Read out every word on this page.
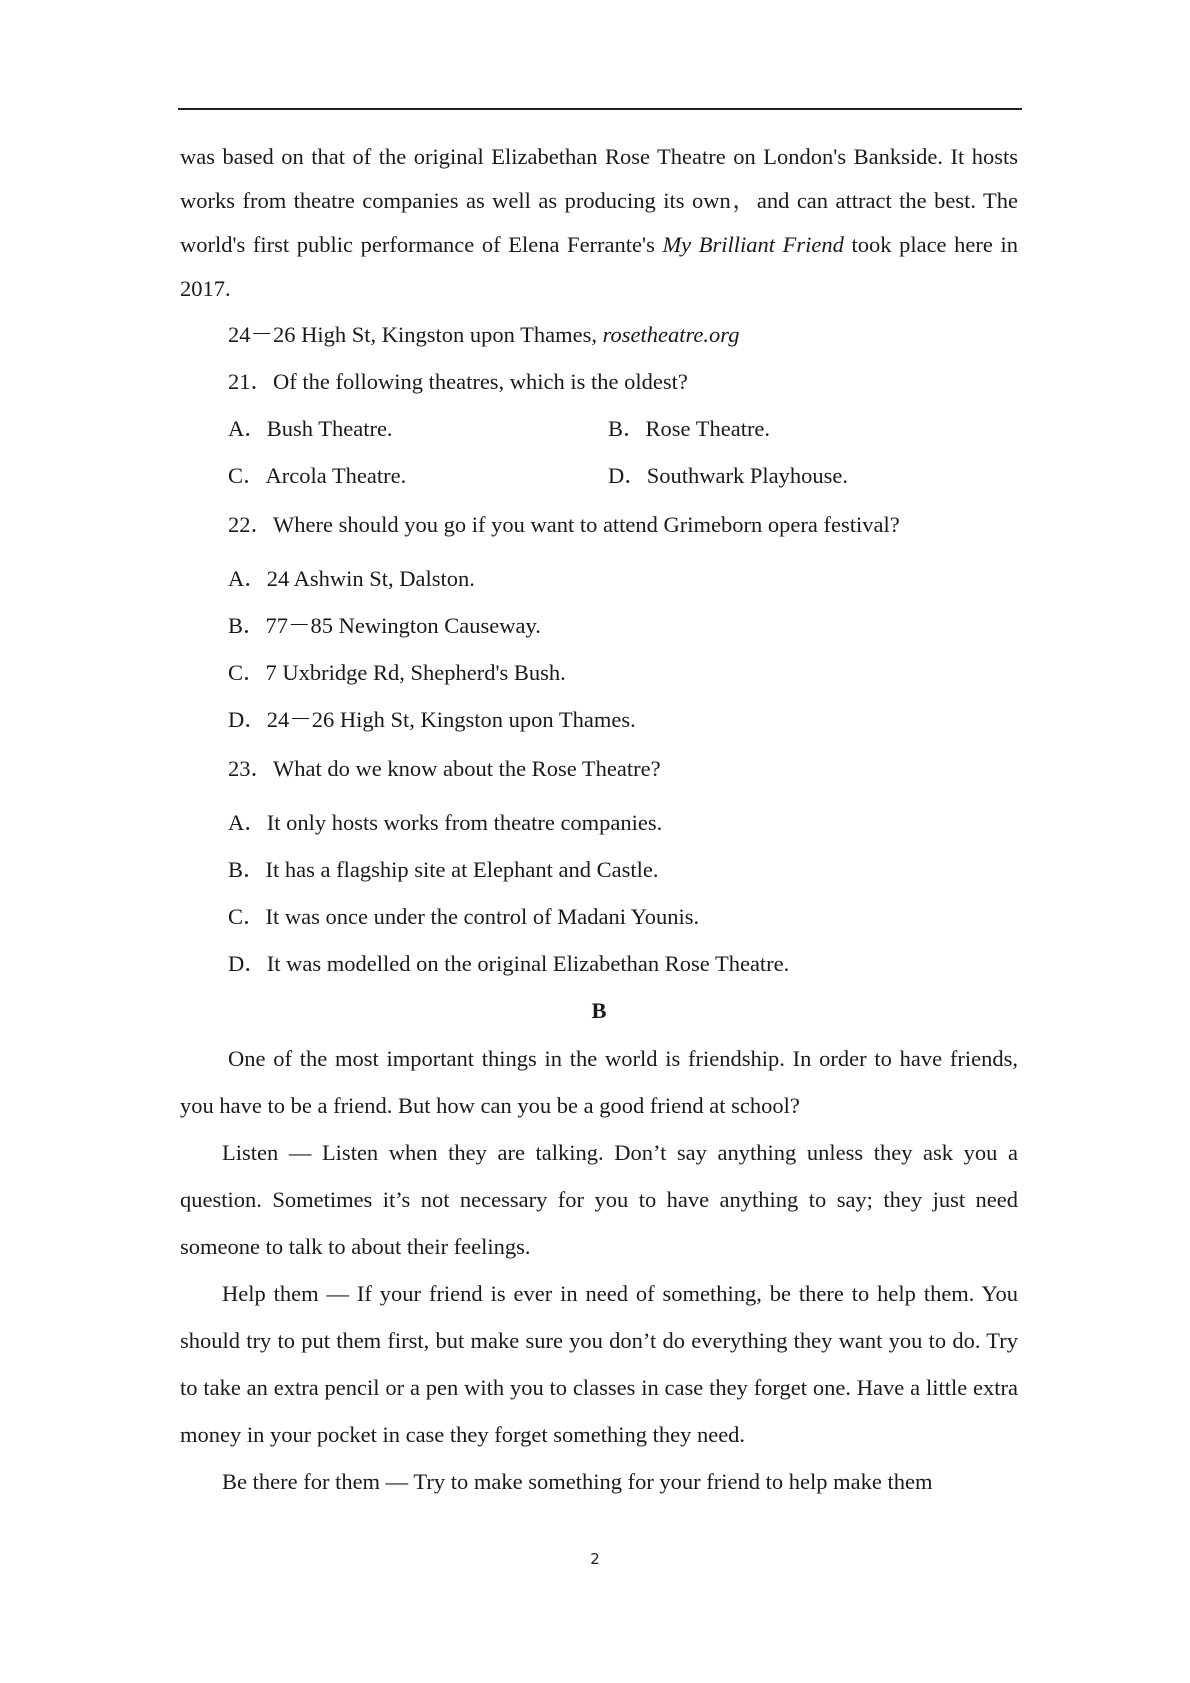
was based on that of the original Elizabethan Rose Theatre on London's Bankside. It hosts works from theatre companies as well as producing its own，and can attract the best. The world's first public performance of Elena Ferrante's My Brilliant Friend took place here in 2017.

24－26 High St, Kingston upon Thames, rosetheatre.org
21．Of the following theatres, which is the oldest?
A．Bush Theatre.	B．Rose Theatre.
C．Arcola Theatre.	D．Southwark Playhouse.
22．Where should you go if you want to attend Grimeborn opera festival?
A．24 Ashwin St, Dalston.
B．77－85 Newington Causeway.
C．7 Uxbridge Rd, Shepherd's Bush.
D．24－26 High St, Kingston upon Thames.
23．What do we know about the Rose Theatre?
A．It only hosts works from theatre companies.
B．It has a flagship site at Elephant and Castle.
C．It was once under the control of Madani Younis.
D．It was modelled on the original Elizabethan Rose Theatre.
B

One of the most important things in the world is friendship. In order to have friends, you have to be a friend. But how can you be a good friend at school?

Listen — Listen when they are talking. Don’t say anything unless they ask you a question. Sometimes it’s not necessary for you to have anything to say; they just need someone to talk to about their feelings.

Help them — If your friend is ever in need of something, be there to help them. You should try to put them first, but make sure you don’t do everything they want you to do. Try to take an extra pencil or a pen with you to classes in case they forget one. Have a little extra money in your pocket in case they forget something they need.

Be there for them — Try to make something for your friend to help make them

2
